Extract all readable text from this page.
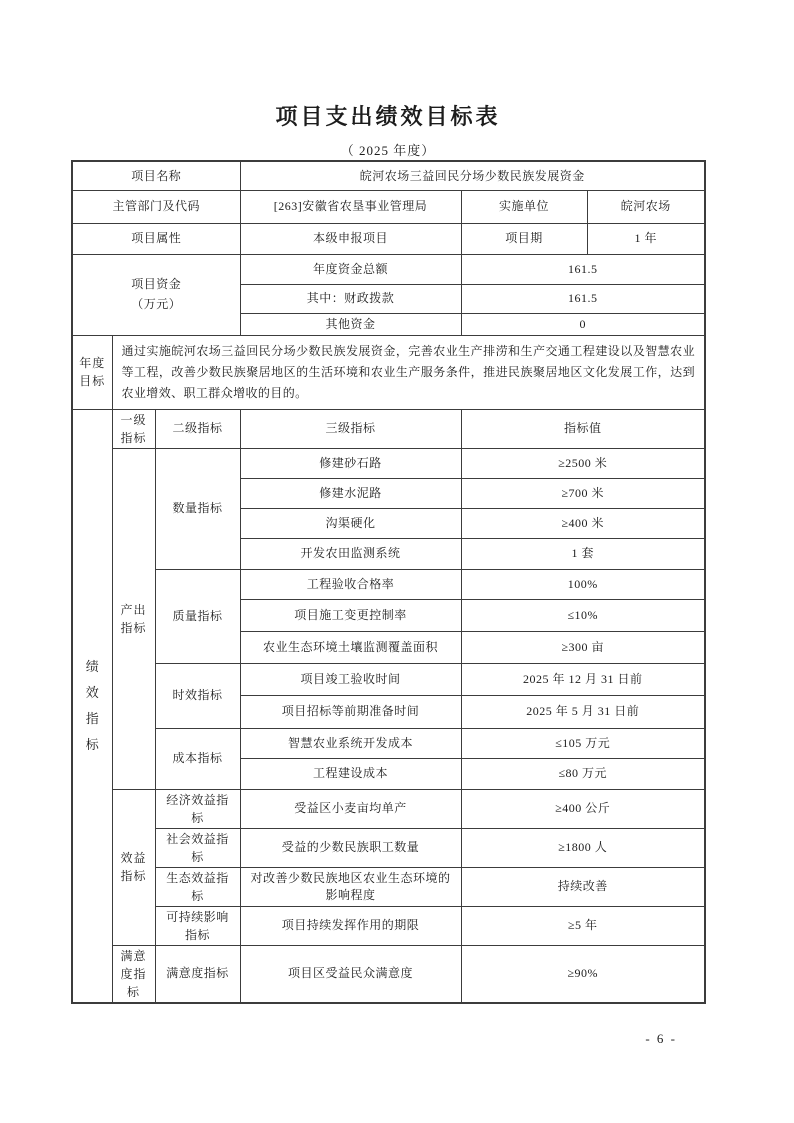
项目支出绩效目标表
（ 2025 年度）
项目名称			皖河农场三益回民分场少数民族发展资金		
主管部门及代码			[263]安徽省农垦事业管理局	实施单位	皖河农场
项目属性			本级申报项目	项目期	1 年

项目资金
（万元）			年度资金总额	161.5	
			其中：财政拨款	161.5	
			其他资金	0	
年度目标	通过实施皖河农场三益回民分场少数民族发展资金，完善农业生产排涝和生产交通工程建设以及智慧农业等工程，改善少数民族聚居地区的生活环境和农业生产服务条件，推进民族聚居地区文化发展工作，达到农业增效、职工群众增收的目的。				
绩效指标	一级指标	二级指标	三级指标	指标值	
	产出指标	数量指标	修建砂石路	≥2500 米	
			修建水泥路	≥700 米	
			沟渠硬化	≥400 米	
			开发农田监测系统	1 套	
		质量指标	工程验收合格率	100%	
			项目施工变更控制率	≤10%	
			农业生态环境土壤监测覆盖面积	≥300 亩	
		时效指标	项目竣工验收时间	2025 年 12 月 31 日前	
			项目招标等前期准备时间	2025 年 5 月 31 日前	
		成本指标	智慧农业系统开发成本	≤105 万元	
			工程建设成本	≤80 万元	
	效益指标	经济效益指标	受益区小麦亩均单产	≥400 公斤	
		社会效益指标	受益的少数民族职工数量	≥1800 人	
		生态效益指标	对改善少数民族地区农业生态环境的影响程度	持续改善	
		可持续影响指标	项目持续发挥作用的期限	≥5 年	
	满意度指标	满意度指标	项目区受益民众满意度	≥90%	
- 6 -
